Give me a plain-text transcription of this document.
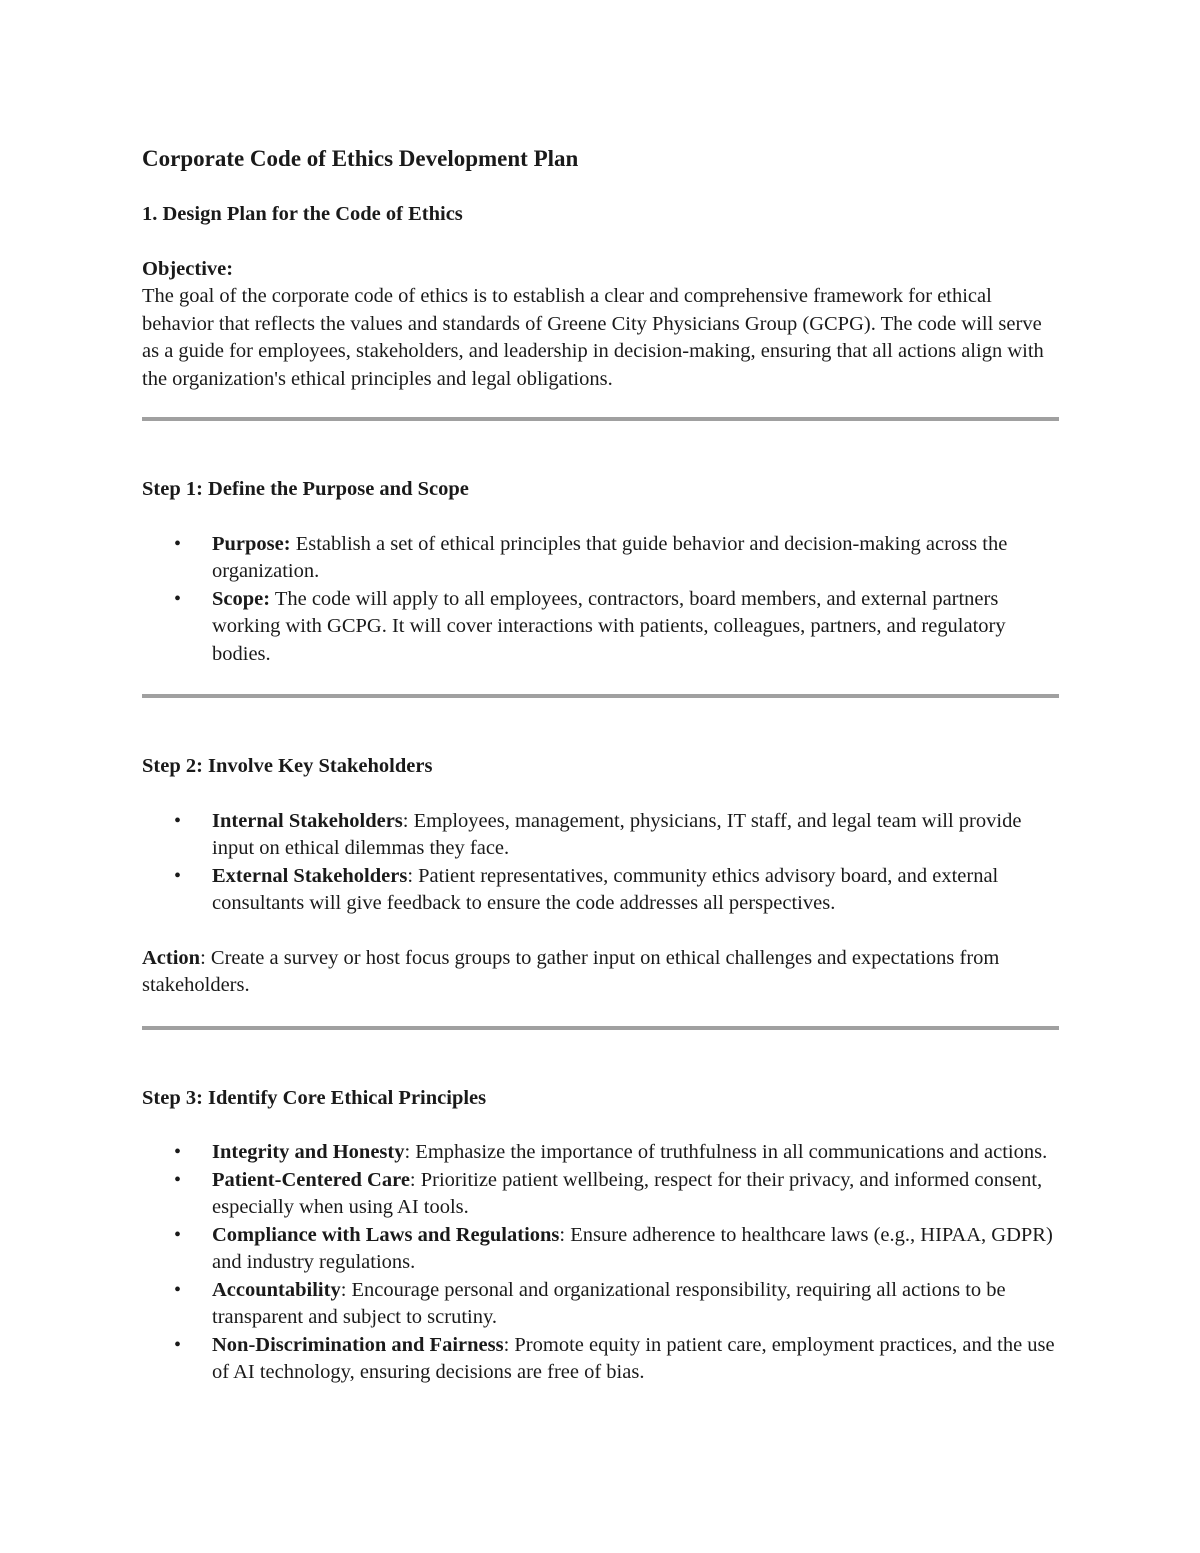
Corporate Code of Ethics Development Plan
1. Design Plan for the Code of Ethics
Objective:
The goal of the corporate code of ethics is to establish a clear and comprehensive framework for ethical behavior that reflects the values and standards of Greene City Physicians Group (GCPG). The code will serve as a guide for employees, stakeholders, and leadership in decision-making, ensuring that all actions align with the organization's ethical principles and legal obligations.
Step 1: Define the Purpose and Scope
• Purpose: Establish a set of ethical principles that guide behavior and decision-making across the organization.
• Scope: The code will apply to all employees, contractors, board members, and external partners working with GCPG. It will cover interactions with patients, colleagues, partners, and regulatory bodies.
Step 2: Involve Key Stakeholders
• Internal Stakeholders: Employees, management, physicians, IT staff, and legal team will provide input on ethical dilemmas they face.
• External Stakeholders: Patient representatives, community ethics advisory board, and external consultants will give feedback to ensure the code addresses all perspectives.
Action: Create a survey or host focus groups to gather input on ethical challenges and expectations from stakeholders.
Step 3: Identify Core Ethical Principles
• Integrity and Honesty: Emphasize the importance of truthfulness in all communications and actions.
• Patient-Centered Care: Prioritize patient wellbeing, respect for their privacy, and informed consent, especially when using AI tools.
• Compliance with Laws and Regulations: Ensure adherence to healthcare laws (e.g., HIPAA, GDPR) and industry regulations.
• Accountability: Encourage personal and organizational responsibility, requiring all actions to be transparent and subject to scrutiny.
• Non-Discrimination and Fairness: Promote equity in patient care, employment practices, and the use of AI technology, ensuring decisions are free of bias.
